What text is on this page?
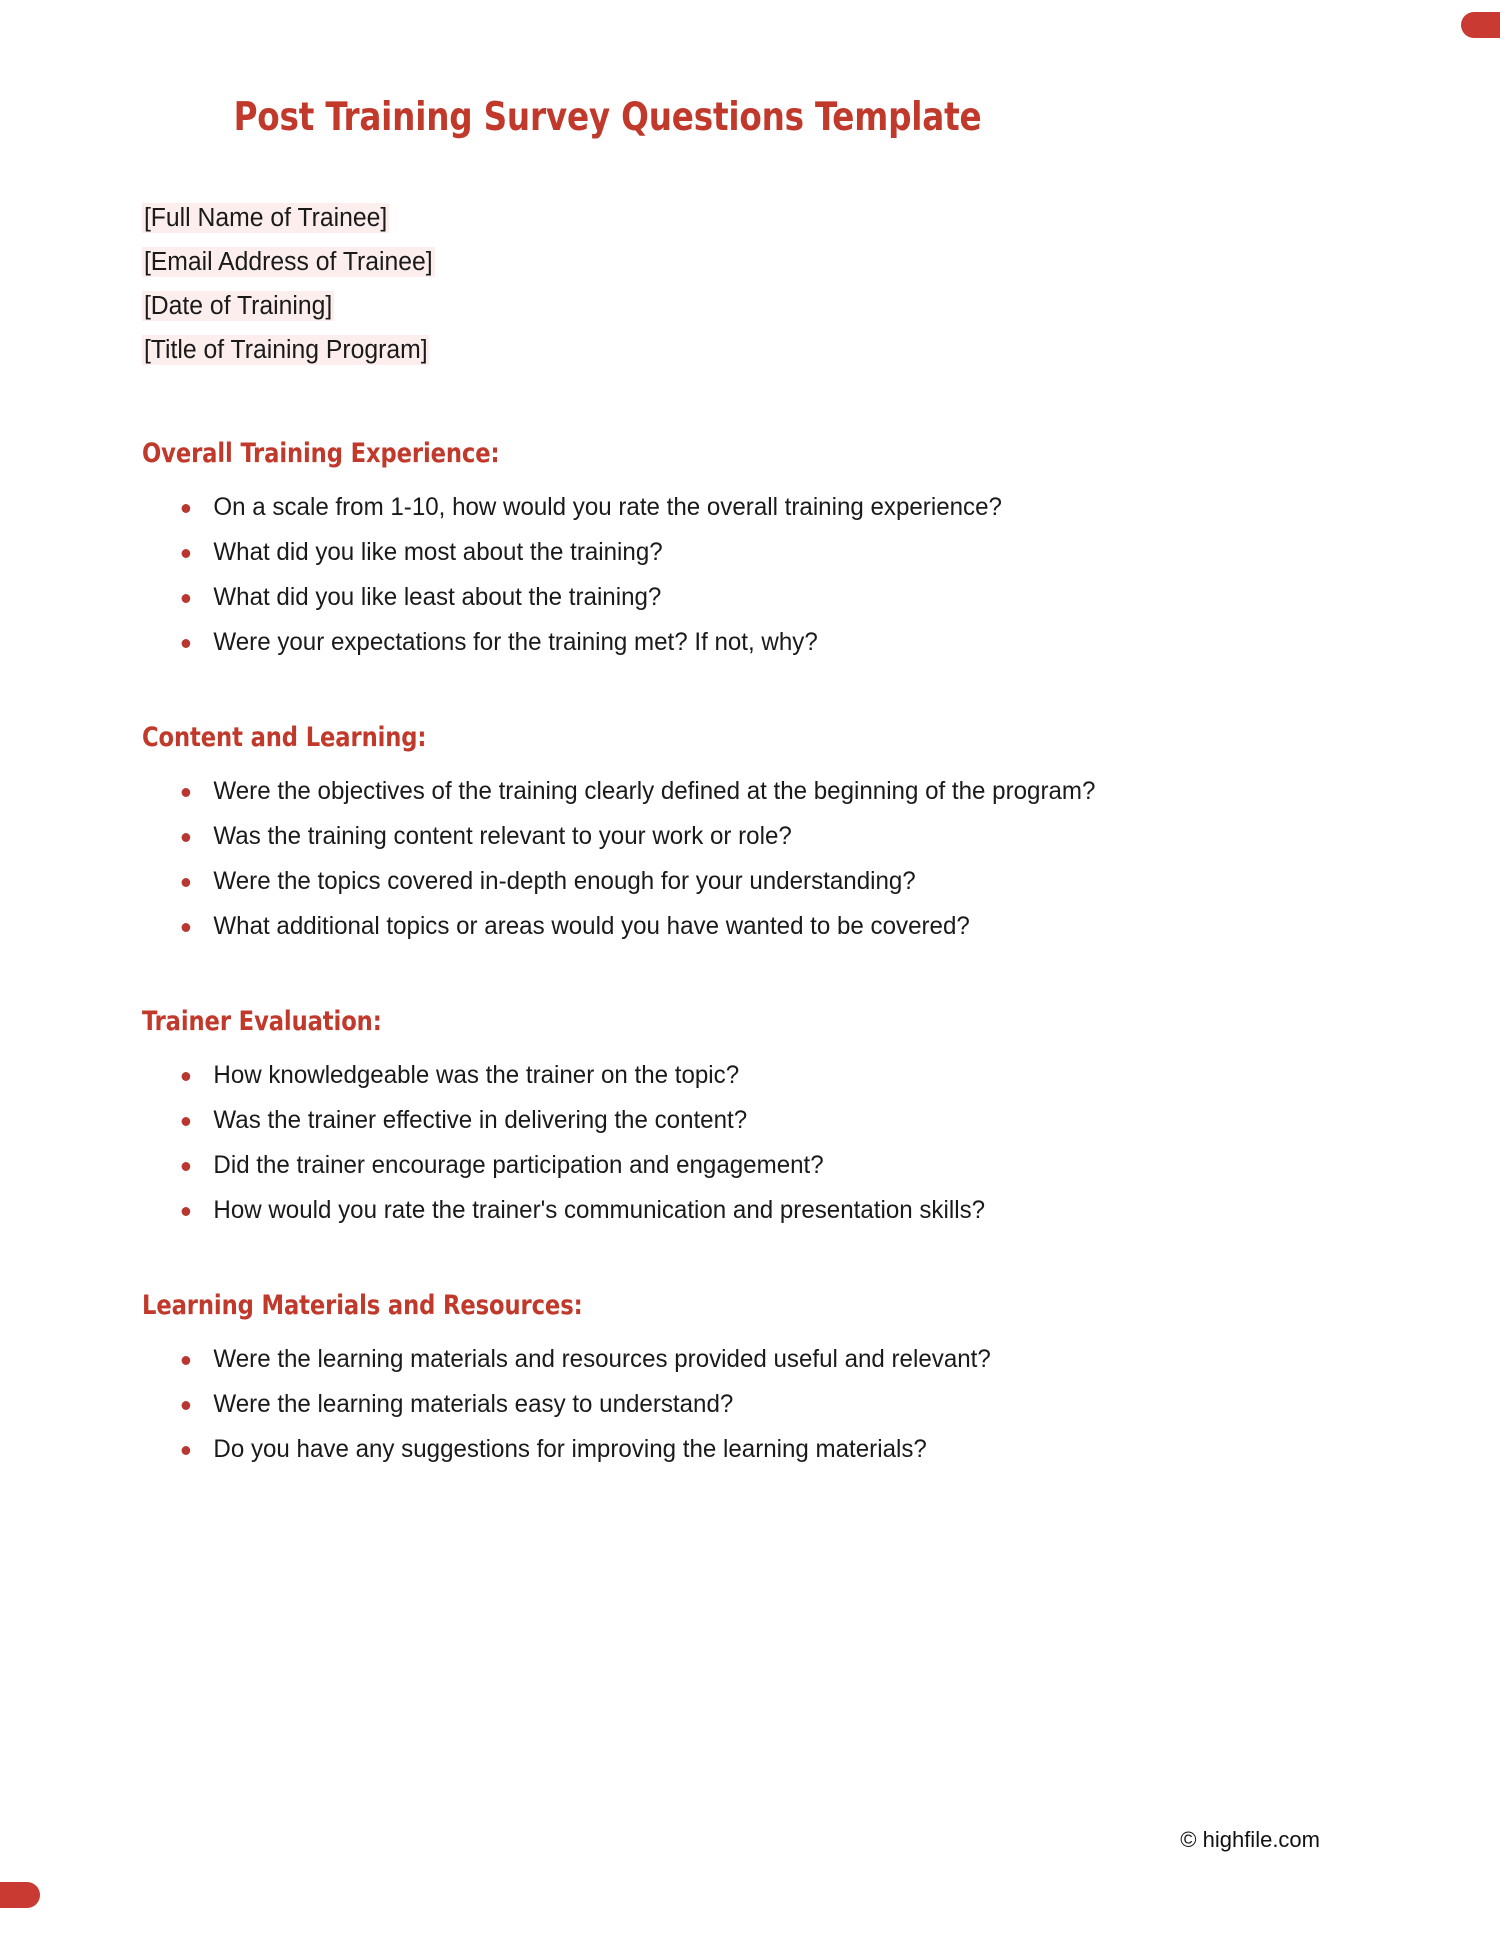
Post Training Survey Questions Template
[Full Name of Trainee]
[Email Address of Trainee]
[Date of Training]
[Title of Training Program]
Overall Training Experience:
On a scale from 1-10, how would you rate the overall training experience?
What did you like most about the training?
What did you like least about the training?
Were your expectations for the training met? If not, why?
Content and Learning:
Were the objectives of the training clearly defined at the beginning of the program?
Was the training content relevant to your work or role?
Were the topics covered in-depth enough for your understanding?
What additional topics or areas would you have wanted to be covered?
Trainer Evaluation:
How knowledgeable was the trainer on the topic?
Was the trainer effective in delivering the content?
Did the trainer encourage participation and engagement?
How would you rate the trainer's communication and presentation skills?
Learning Materials and Resources:
Were the learning materials and resources provided useful and relevant?
Were the learning materials easy to understand?
Do you have any suggestions for improving the learning materials?
© highfile.com
